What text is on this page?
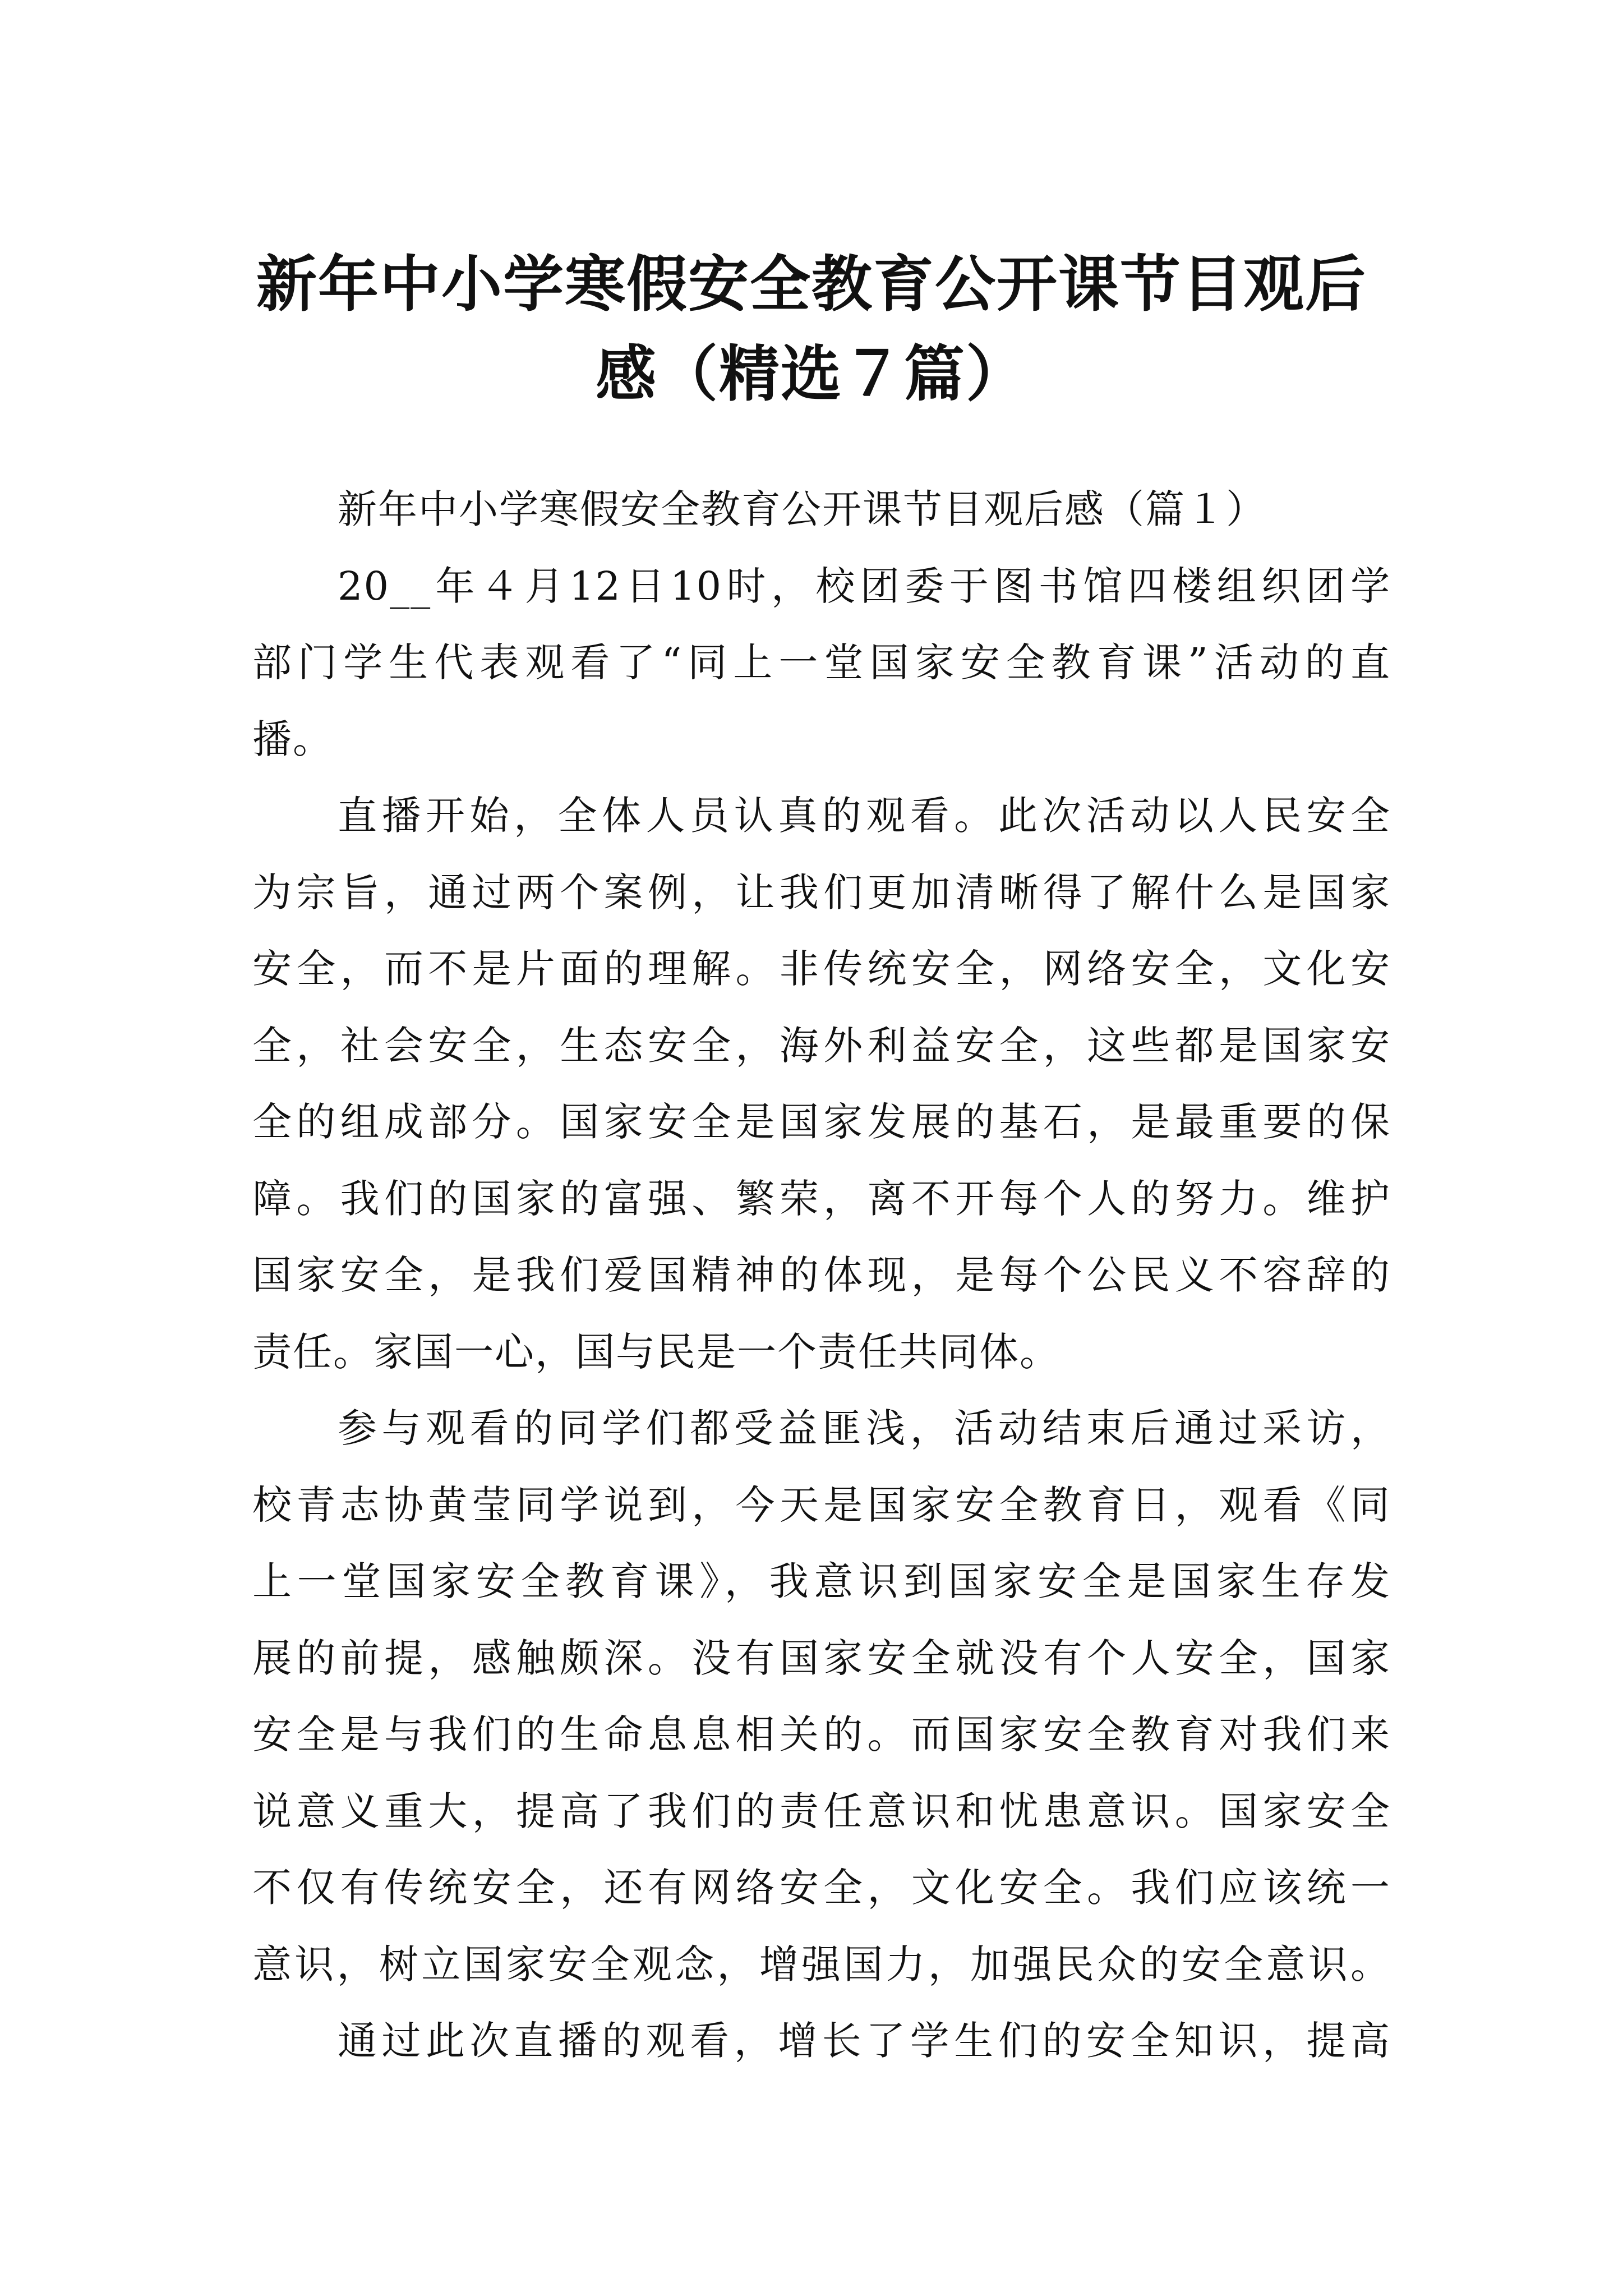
新年中小学寒假安全教育公开课节目观后
感（精选７篇）
新年中小学寒假安全教育公开课节目观后感（篇１）
20__年４月12日10时，校团委于图书馆四楼组织团学
部门学生代表观看了“同上一堂国家安全教育课”活动的直
播。
直播开始，全体人员认真的观看。此次活动以人民安全
为宗旨，通过两个案例，让我们更加清晰得了解什么是国家
安全，而不是片面的理解。非传统安全，网络安全，文化安
全，社会安全，生态安全，海外利益安全，这些都是国家安
全的组成部分。国家安全是国家发展的基石，是最重要的保
障。我们的国家的富强、繁荣，离不开每个人的努力。维护
国家安全，是我们爱国精神的体现，是每个公民义不容辞的
责任。家国一心，国与民是一个责任共同体。
参与观看的同学们都受益匪浅，活动结束后通过采访，
校青志协黄莹同学说到，今天是国家安全教育日，观看《同
上一堂国家安全教育课》，我意识到国家安全是国家生存发
展的前提，感触颇深。没有国家安全就没有个人安全，国家
安全是与我们的生命息息相关的。而国家安全教育对我们来
说意义重大，提高了我们的责任意识和忧患意识。国家安全
不仅有传统安全，还有网络安全，文化安全。我们应该统一
意识，树立国家安全观念，增强国力，加强民众的安全意识。
通过此次直播的观看，增长了学生们的安全知识，提高
